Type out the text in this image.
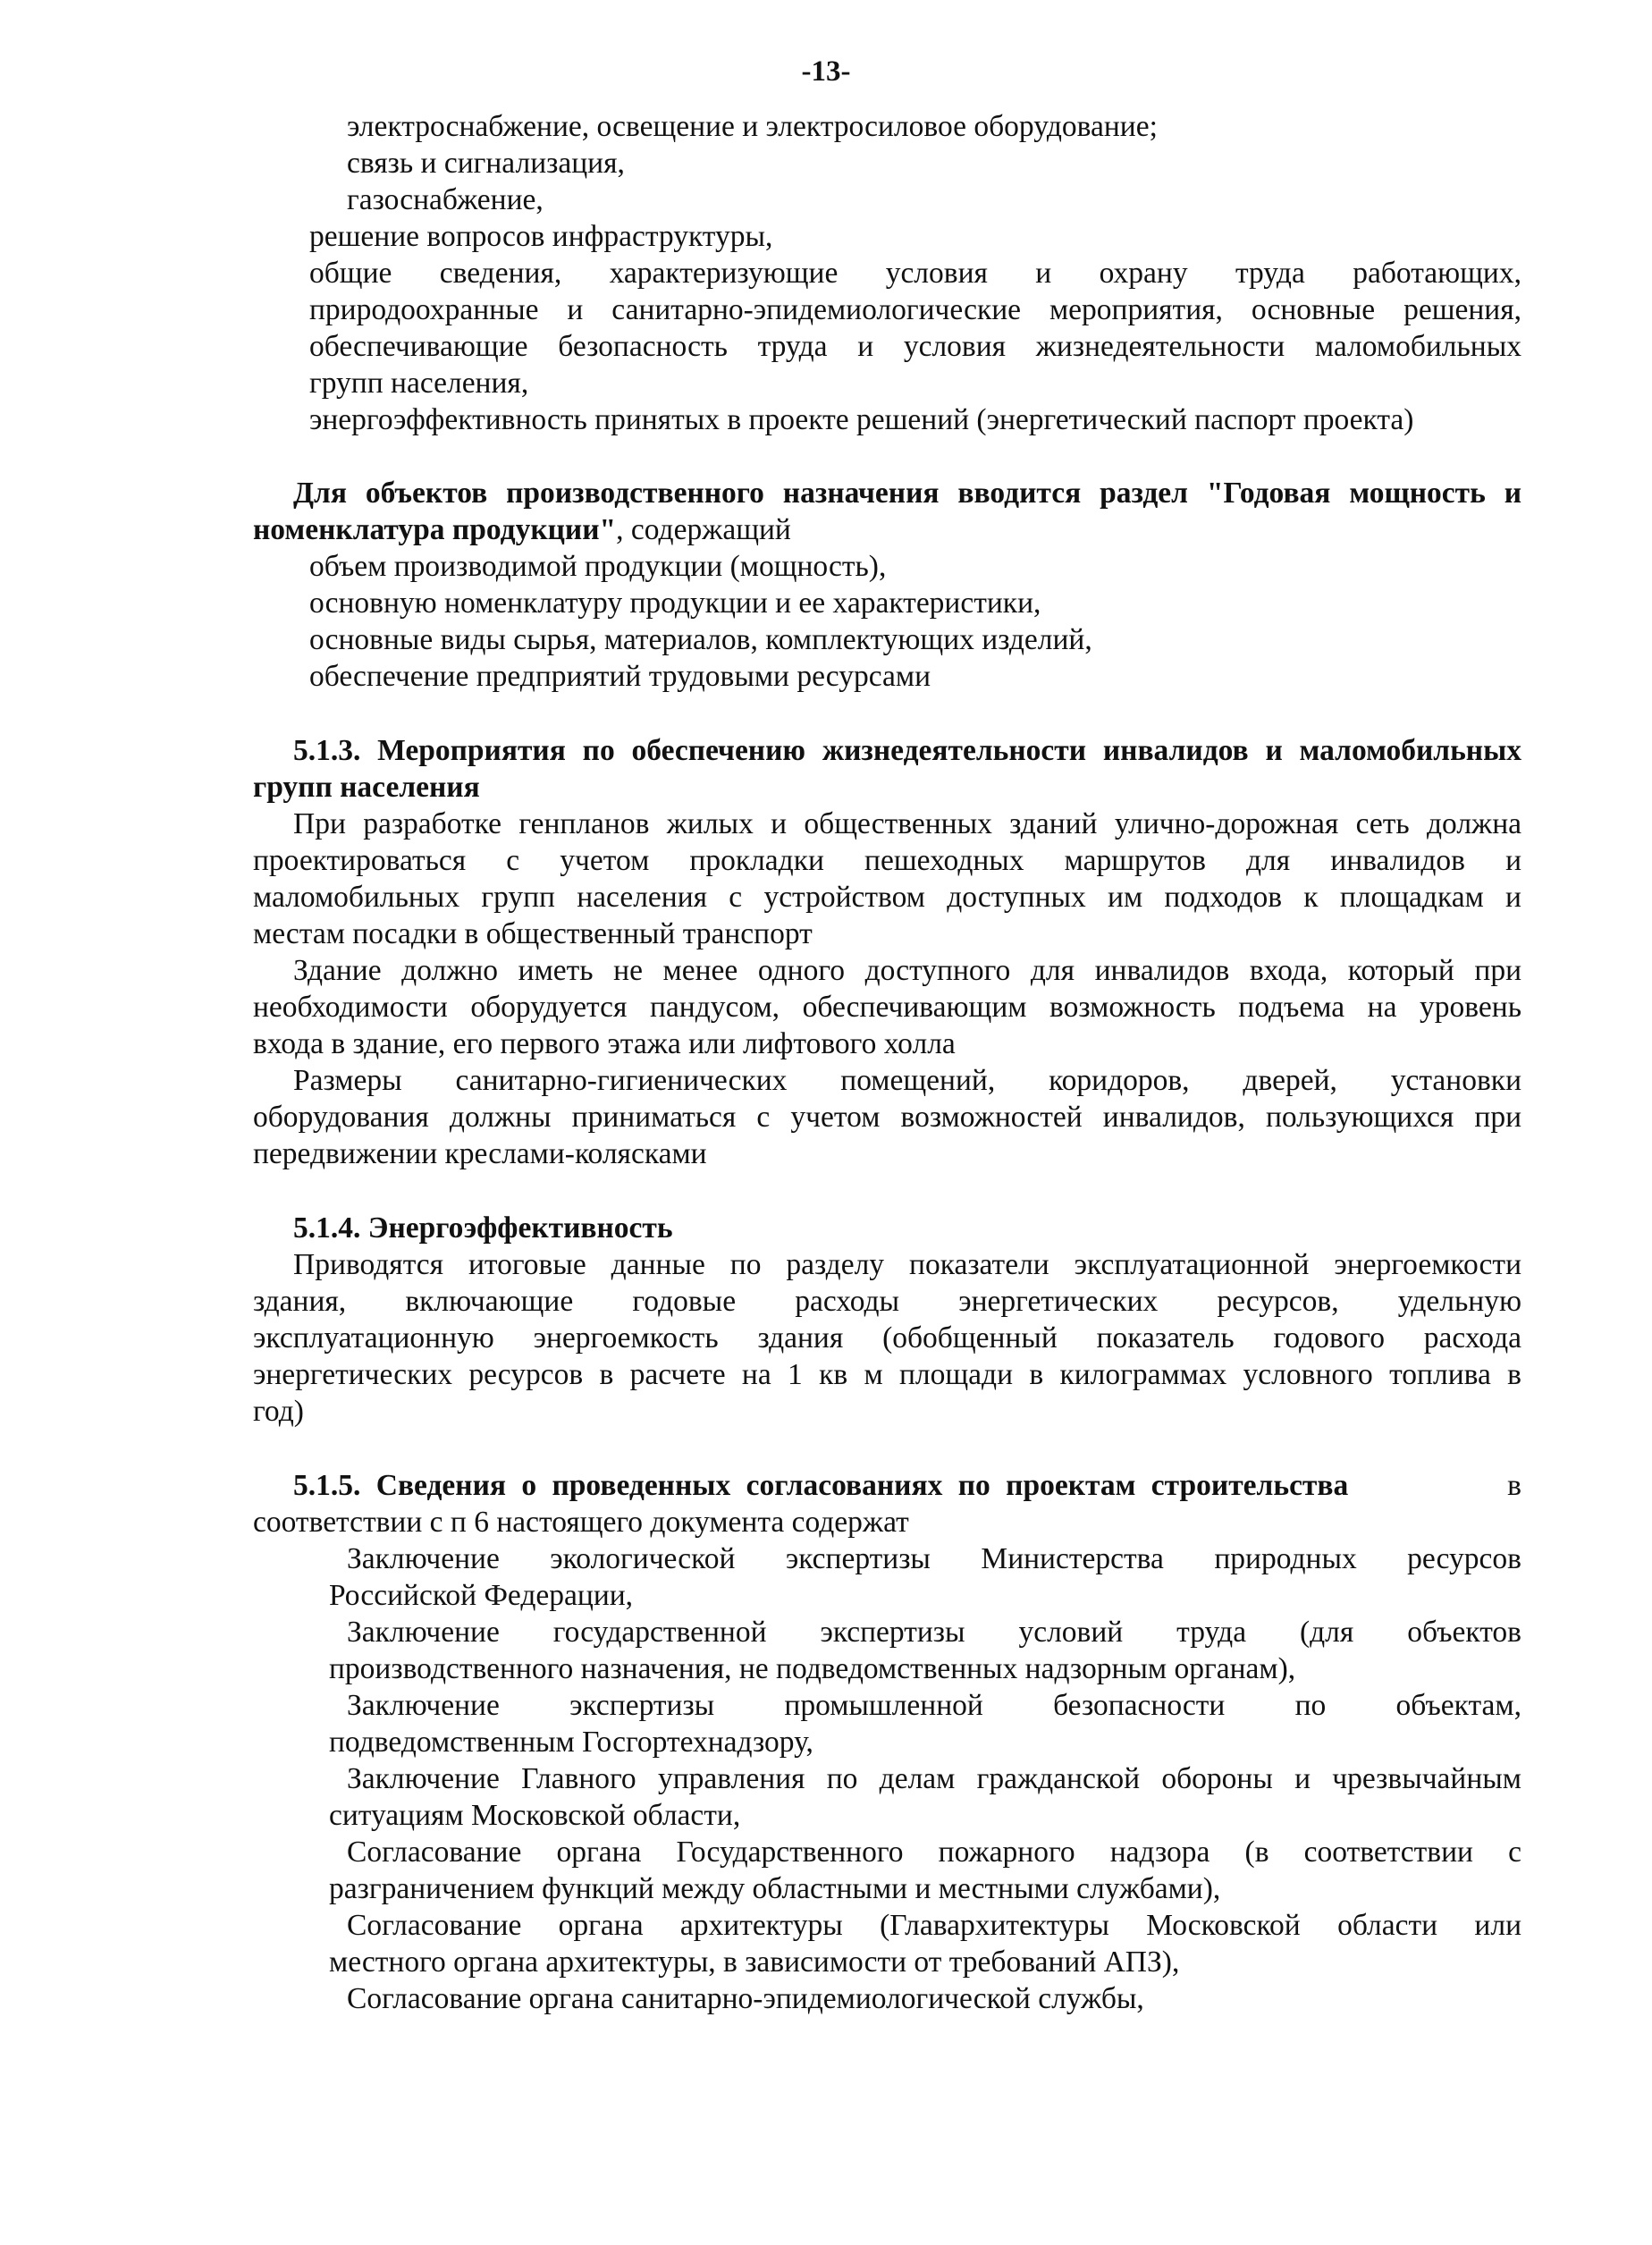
-13-
электроснабжение, освещение и электросиловое оборудование;
связь и сигнализация,
газоснабжение,
решение вопросов инфраструктуры,
общие сведения, характеризующие условия и охрану труда работающих,
природоохранные и санитарно-эпидемиологические мероприятия, основные решения,
обеспечивающие безопасность труда и условия жизнедеятельности маломобильных
групп населения,
энергоэффективность принятых в проекте решений (энергетический паспорт проекта)
Для объектов производственного назначения вводится раздел "Годовая мощность и
номенклатура продукции", содержащий
объем производимой продукции (мощность),
основную номенклатуру продукции и ее характеристики,
основные виды сырья, материалов, комплектующих изделий,
обеспечение предприятий трудовыми ресурсами
5.1.3. Мероприятия по обеспечению жизнедеятельности инвалидов и маломобильных
групп населения
При разработке генпланов жилых и общественных зданий улично-дорожная сеть должна
проектироваться с учетом прокладки пешеходных маршрутов для инвалидов и
маломобильных групп населения с устройством доступных им подходов к площадкам и
местам посадки в общественный транспорт
Здание должно иметь не менее одного доступного для инвалидов входа, который при
необходимости оборудуется пандусом, обеспечивающим возможность подъема на уровень
входа в здание, его первого этажа или лифтового холла
Размеры санитарно-гигиенических помещений, коридоров, дверей, установки
оборудования должны приниматься с учетом возможностей инвалидов, пользующихся при
передвижении креслами-колясками
5.1.4. Энергоэффективность
Приводятся итоговые данные по разделу показатели эксплуатационной энергоемкости
здания, включающие годовые расходы энергетических ресурсов, удельную
эксплуатационную энергоемкость здания (обобщенный показатель годового расхода
энергетических ресурсов в расчете на 1 кв м площади в килограммах условного топлива в
год)
5.1.5. Сведения о проведенных согласованиях по проектам строительства	в
соответствии с п 6 настоящего документа содержат
Заключение экологической экспертизы Министерства природных ресурсов
Российской Федерации,
Заключение государственной экспертизы условий труда (для объектов
производственного назначения, не подведомственных надзорным органам),
Заключение экспертизы промышленной безопасности по объектам,
подведомственным Госгортехнадзору,
Заключение Главного управления по делам гражданской обороны и чрезвычайным
ситуациям Московской области,
Согласование органа Государственного пожарного надзора (в соответствии с
разграничением функций между областными и местными службами),
Согласование органа архитектуры (Главархитектуры Московской области или
местного органа архитектуры, в зависимости от требований АПЗ),
Согласование органа санитарно-эпидемиологической службы,
